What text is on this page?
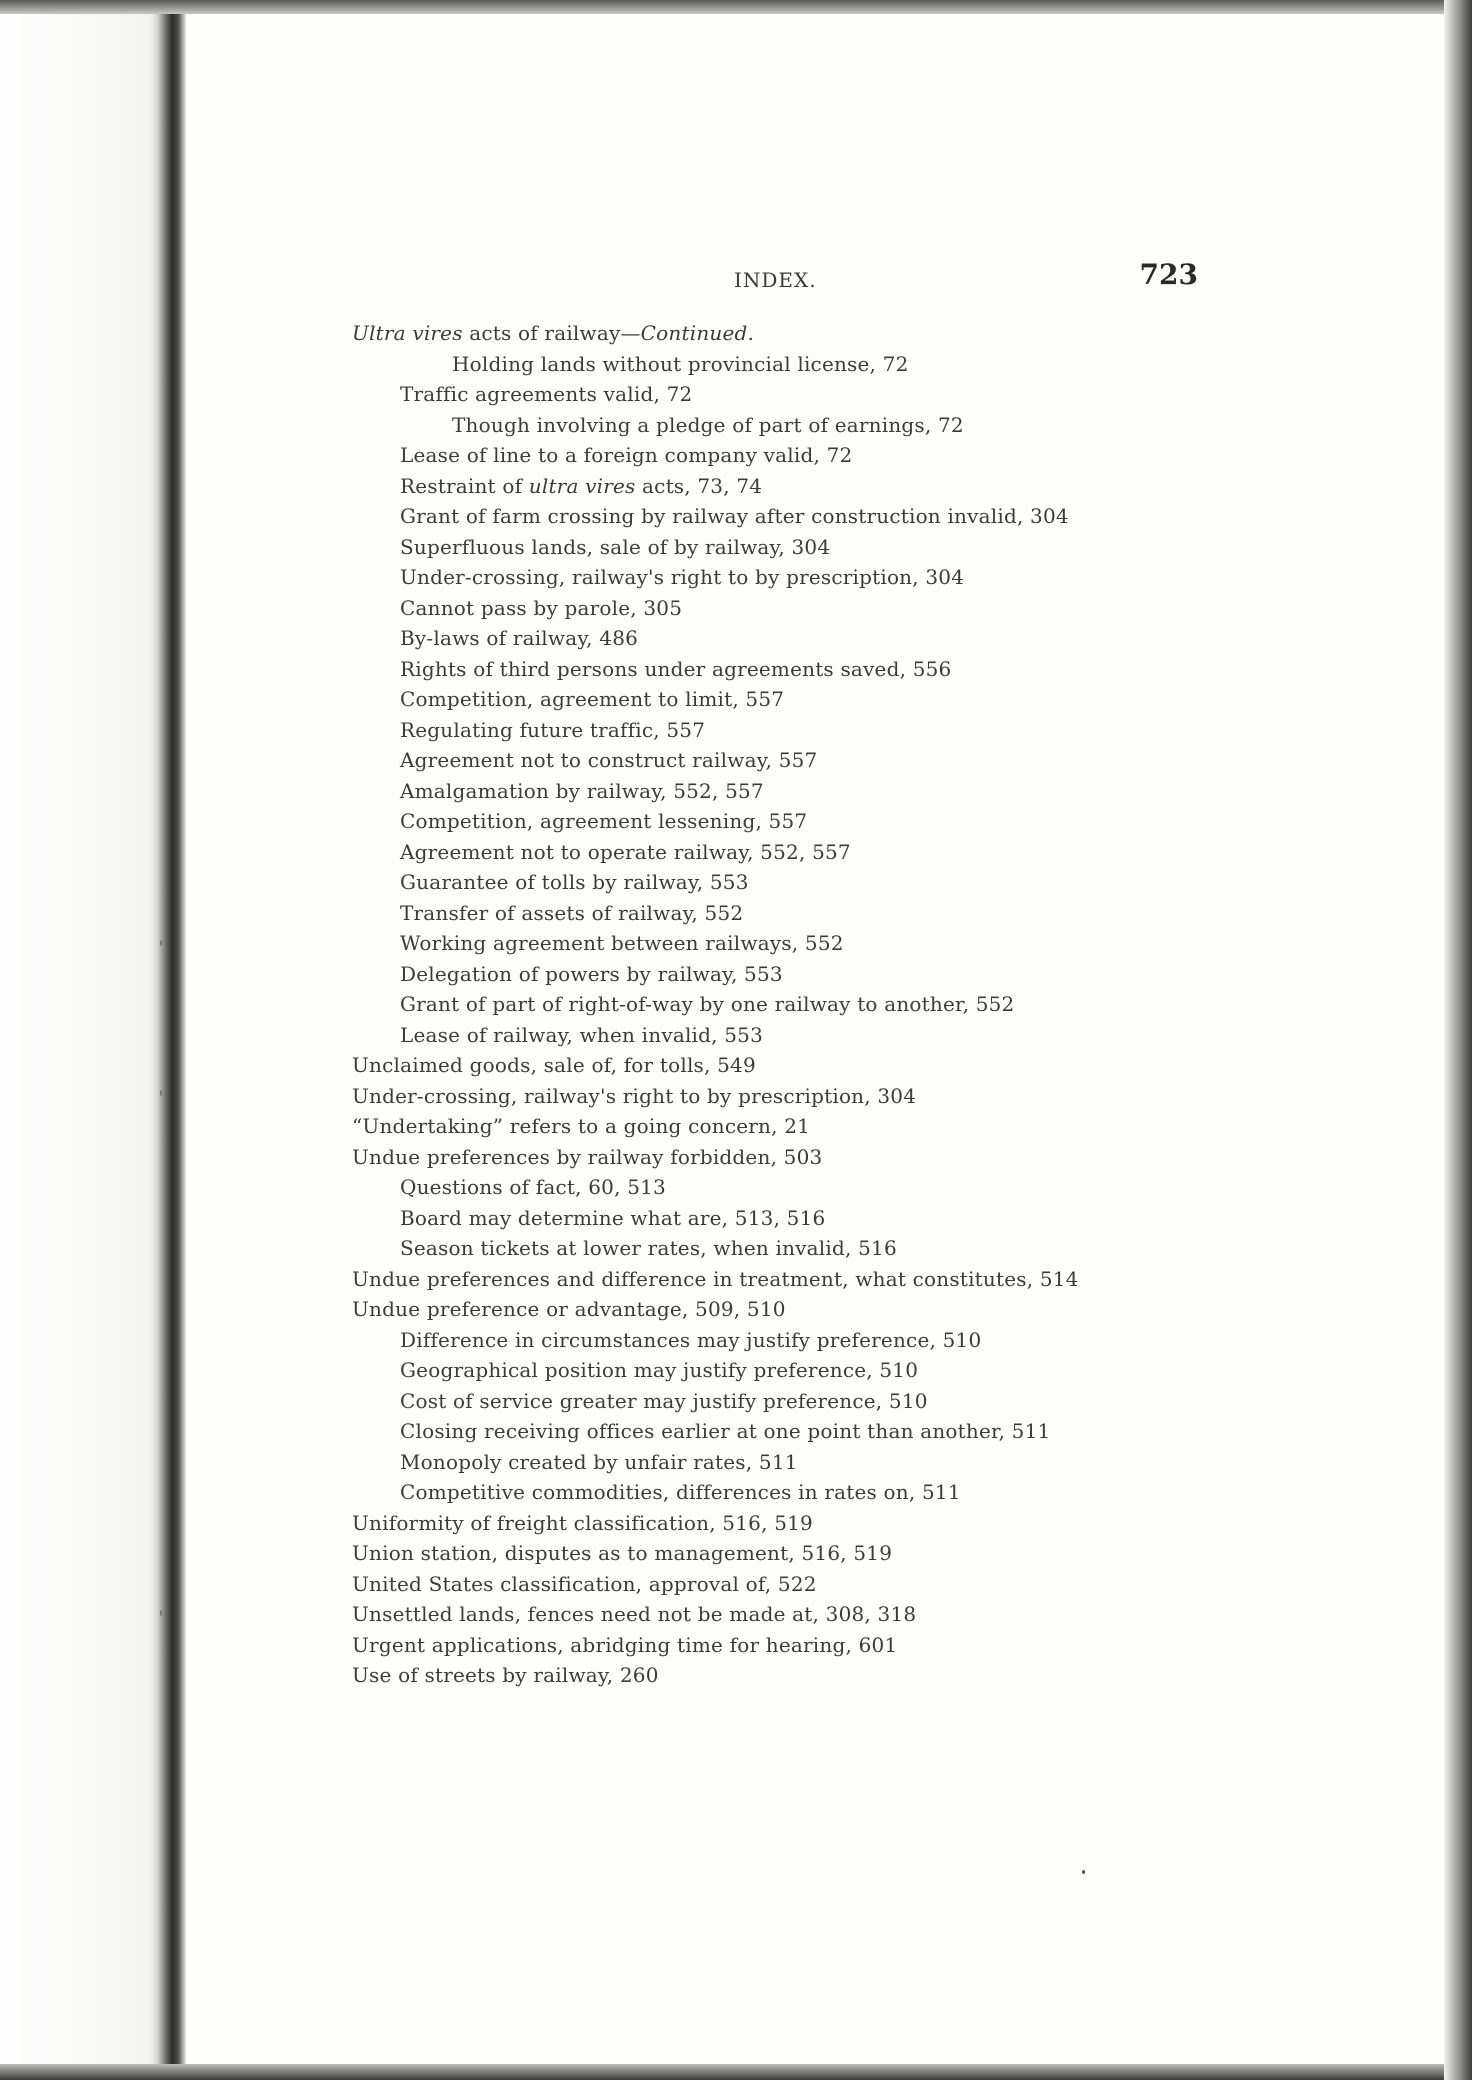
INDEX.	723
Ultra vires acts of railway—Continued.
Holding lands without provincial license, 72
Traffic agreements valid, 72
Though involving a pledge of part of earnings, 72
Lease of line to a foreign company valid, 72
Restraint of ultra vires acts, 73, 74
Grant of farm crossing by railway after construction invalid, 304
Superfluous lands, sale of by railway, 304
Under-crossing, railway's right to by prescription, 304
Cannot pass by parole, 305
By-laws of railway, 486
Rights of third persons under agreements saved, 556
Competition, agreement to limit, 557
Regulating future traffic, 557
Agreement not to construct railway, 557
Amalgamation by railway, 552, 557
Competition, agreement lessening, 557
Agreement not to operate railway, 552, 557
Guarantee of tolls by railway, 553
Transfer of assets of railway, 552
Working agreement between railways, 552
Delegation of powers by railway, 553
Grant of part of right-of-way by one railway to another, 552
Lease of railway, when invalid, 553
Unclaimed goods, sale of, for tolls, 549
Under-crossing, railway's right to by prescription, 304
“Undertaking” refers to a going concern, 21
Undue preferences by railway forbidden, 503
Questions of fact, 60, 513
Board may determine what are, 513, 516
Season tickets at lower rates, when invalid, 516
Undue preferences and difference in treatment, what constitutes, 514
Undue preference or advantage, 509, 510
Difference in circumstances may justify preference, 510
Geographical position may justify preference, 510
Cost of service greater may justify preference, 510
Closing receiving offices earlier at one point than another, 511
Monopoly created by unfair rates, 511
Competitive commodities, differences in rates on, 511
Uniformity of freight classification, 516, 519
Union station, disputes as to management, 516, 519
United States classification, approval of, 522
Unsettled lands, fences need not be made at, 308, 318
Urgent applications, abridging time for hearing, 601
Use of streets by railway, 260
